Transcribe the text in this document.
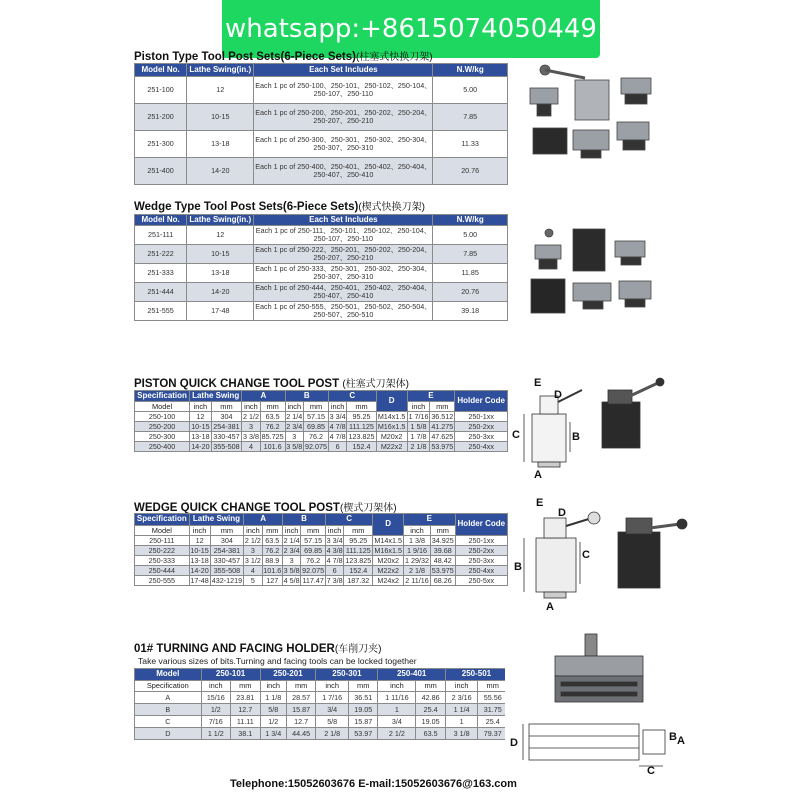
whatsapp:+8615074050449
Piston Type Tool Post Sets(6-Piece Sets)(柱塞式快换刀架)
Model No.	Lathe Swing(in.)	Each Set Includes	N.W/kg
251-100	12	Each 1 pc of 250-100、250-101、250-102、250-104、250-107、250-110	5.00
251-200	10-15	Each 1 pc of 250-200、250-201、250-202、250-204、250-207、250-210	7.85
251-300	13-18	Each 1 pc of 250-300、250-301、250-302、250-304、250-307、250-310	11.33
251-400	14-20	Each 1 pc of 250-400、250-401、250-402、250-404、250-407、250-410	20.76
Wedge Type Tool Post Sets(6-Piece Sets)(楔式快换刀架)
Model No.	Lathe Swing(in.)	Each Set Includes	N.W/kg
251-111	12	Each 1 pc of 250-111、250-101、250-102、250-104、250-107、250-110	5.00
251-222	10-15	Each 1 pc of 250-222、250-201、250-202、250-204、250-207、250-210	7.85
251-333	13-18	Each 1 pc of 250-333、250-301、250-302、250-304、250-307、250-310	11.85
251-444	14-20	Each 1 pc of 250-444、250-401、250-402、250-404、250-407、250-410	20.76
251-555	17-48	Each 1 pc of 250-555、250-501、250-502、250-504、250-507、250-510	39.18
PISTON QUICK CHANGE TOOL POST (柱塞式刀架体)
Specification	Lathe Swing		A		B		C		D	E		Holder Code
Model	inch	mm	inch	mm	inch	mm	inch	mm		inch	mm	
250-100	12	304	2 1/2	63.5	2 1/4	57.15	3 3/4	95.25	M14x1.5	1 7/16	36.512	250-1xx
250-200	10-15	254-381	3	76.2	2 3/4	69.85	4 7/8	111.125	M16x1.5	1 5/8	41.275	250-2xx
250-300	13-18	330-457	3 3/8	85.725	3	76.2	4 7/8	123.825	M20x2	1 7/8	47.625	250-3xx
250-400	14-20	355-508	4	101.6	3 5/8	92.075	6	152.4	M22x2	2 1/8	53.975	250-4xx
E
D
C	B
A
WEDGE QUICK CHANGE TOOL POST(楔式刀架体)
Specification	Lathe Swing		A		B		C		D	E		Holder Code
Model	inch	mm	inch	mm	inch	mm	inch	mm		inch	mm	
250-111	12	304	2 1/2	63.5	2 1/4	57.15	3 3/4	95.25	M14x1.5	1 3/8	34.925	250-1xx
250-222	10-15	254-381	3	76.2	2 3/4	69.85	4 3/8	111.125	M16x1.5	1 9/16	39.68	250-2xx
250-333	13-18	330-457	3 1/2	88.9	3	76.2	4 7/8	123.825	M20x2	1 29/32	48.42	250-3xx
250-444	14-20	355-508	4	101.6	3 5/8	92.075	6	152.4	M22x2	2 1/8	53.975	250-4xx
250-555	17-48	432-1219	5	127	4 5/8	117.47	7 3/8	187.32	M24x2	2 11/16	68.26	250-5xx
E
D
C
B
A
01# TURNING AND FACING HOLDER(车削刀夹)
Take various sizes of bits.Turning and facing tools can be locked together
Model	250-101		250-201		250-301		250-401		250-501	
Specification	inch	mm	inch	mm	inch	mm	inch	mm	inch	mm
A	15/16	23.81	1 1/8	28.57	1 7/16	36.51	1 11/16	42.86	2 3/16	55.56
B	1/2	12.7	5/8	15.87	3/4	19.05	1	25.4	1 1/4	31.75
C	7/16	11.11	1/2	12.7	5/8	15.87	3/4	19.05	1	25.4
D	1 1/2	38.1	1 3/4	44.45	2 1/8	53.97	2 1/2	63.5	3 1/8	79.37
D	B A
C
Telephone:15052603676 E-mail:15052603676@163.com
